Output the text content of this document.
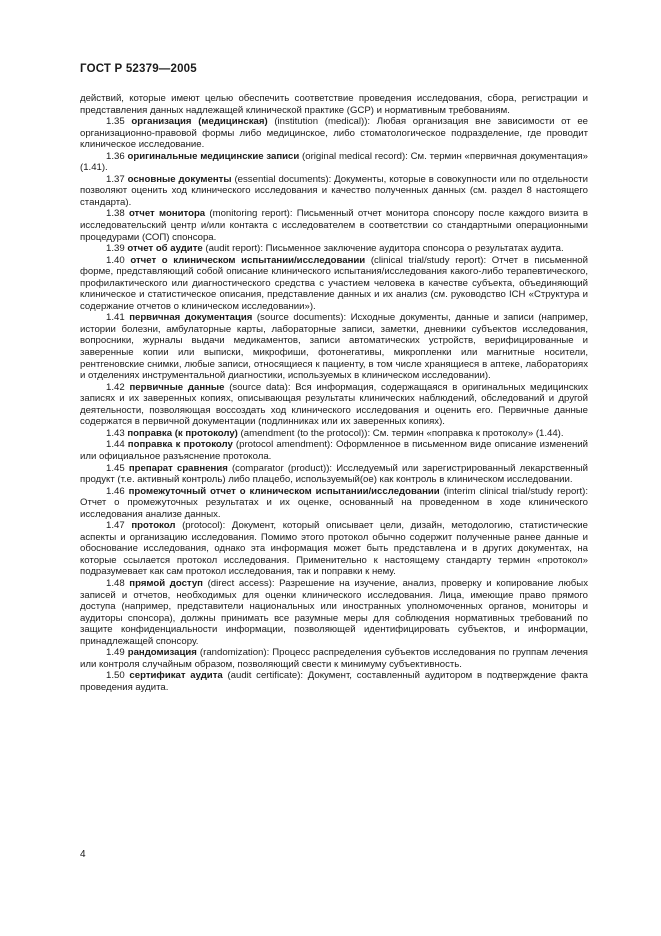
ГОСТ Р 52379—2005

действий, которые имеют целью обеспечить соответствие проведения исследования, сбора, регистрации и представления данных надлежащей клинической практике (GCP) и нормативным требованиям.

1.35 организация (медицинская) (institution (medical)): Любая организация вне зависимости от ее организационно-правовой формы либо медицинское, либо стоматологическое подразделение, где проводит клиническое исследование.

1.36 оригинальные медицинские записи (original medical record): См. термин «первичная документация» (1.41).

1.37 основные документы (essential documents): Документы, которые в совокупности или по отдельности позволяют оценить ход клинического исследования и качество полученных данных (см. раздел 8 настоящего стандарта).

1.38 отчет монитора (monitoring report): Письменный отчет монитора спонсору после каждого визита в исследовательский центр и/или контакта с исследователем в соответствии со стандартными операционными процедурами (СОП) спонсора.

1.39 отчет об аудите (audit report): Письменное заключение аудитора спонсора о результатах аудита.

1.40 отчет о клиническом испытании/исследовании (clinical trial/study report): Отчет в письменной форме, представляющий собой описание клинического испытания/исследования какого-либо терапевтического, профилактического или диагностического средства с участием человека в качестве субъекта, объединяющий клиническое и статистическое описания, представление данных и их анализ (см. руководство ICH «Структура и содержание отчетов о клиническом исследовании»).

1.41 первичная документация (source documents): Исходные документы, данные и записи (например, истории болезни, амбулаторные карты, лабораторные записи, заметки, дневники субъектов исследования, вопросники, журналы выдачи медикаментов, записи автоматических устройств, верифицированные и заверенные копии или выписки, микрофиши, фотонегативы, микропленки или магнитные носители, рентгеновские снимки, любые записи, относящиеся к пациенту, в том числе хранящиеся в аптеке, лабораториях и отделениях инструментальной диагностики, используемых в клиническом исследовании).

1.42 первичные данные (source data): Вся информация, содержащаяся в оригинальных медицинских записях и их заверенных копиях, описывающая результаты клинических наблюдений, обследований и другой деятельности, позволяющая воссоздать ход клинического исследования и оценить его. Первичные данные содержатся в первичной документации (подлинниках или их заверенных копиях).

1.43 поправка (к протоколу) (amendment (to the protocol)): См. термин «поправка к протоколу» (1.44).

1.44 поправка к протоколу (protocol amendment): Оформленное в письменном виде описание изменений или официальное разъяснение протокола.

1.45 препарат сравнения (comparator (product)): Исследуемый или зарегистрированный лекарственный продукт (т.е. активный контроль) либо плацебо, используемый(ое) как контроль в клиническом исследовании.

1.46 промежуточный отчет о клиническом испытании/исследовании (interim clinical trial/study report): Отчет о промежуточных результатах и их оценке, основанный на проведенном в ходе клинического исследования анализе данных.

1.47 протокол (protocol): Документ, который описывает цели, дизайн, методологию, статистические аспекты и организацию исследования. Помимо этого протокол обычно содержит полученные ранее данные и обоснование исследования, однако эта информация может быть представлена и в других документах, на которые ссылается протокол исследования. Применительно к настоящему стандарту термин «протокол» подразумевает как сам протокол исследования, так и поправки к нему.

1.48 прямой доступ (direct access): Разрешение на изучение, анализ, проверку и копирование любых записей и отчетов, необходимых для оценки клинического исследования. Лица, имеющие право прямого доступа (например, представители национальных или иностранных уполномоченных органов, мониторы и аудиторы спонсора), должны принимать все разумные меры для соблюдения нормативных требований по защите конфиденциальности информации, позволяющей идентифицировать субъектов, и информации, принадлежащей спонсору.

1.49 рандомизация (randomization): Процесс распределения субъектов исследования по группам лечения или контроля случайным образом, позволяющий свести к минимуму субъективность.

1.50 сертификат аудита (audit certificate): Документ, составленный аудитором в подтверждение факта проведения аудита.

4
